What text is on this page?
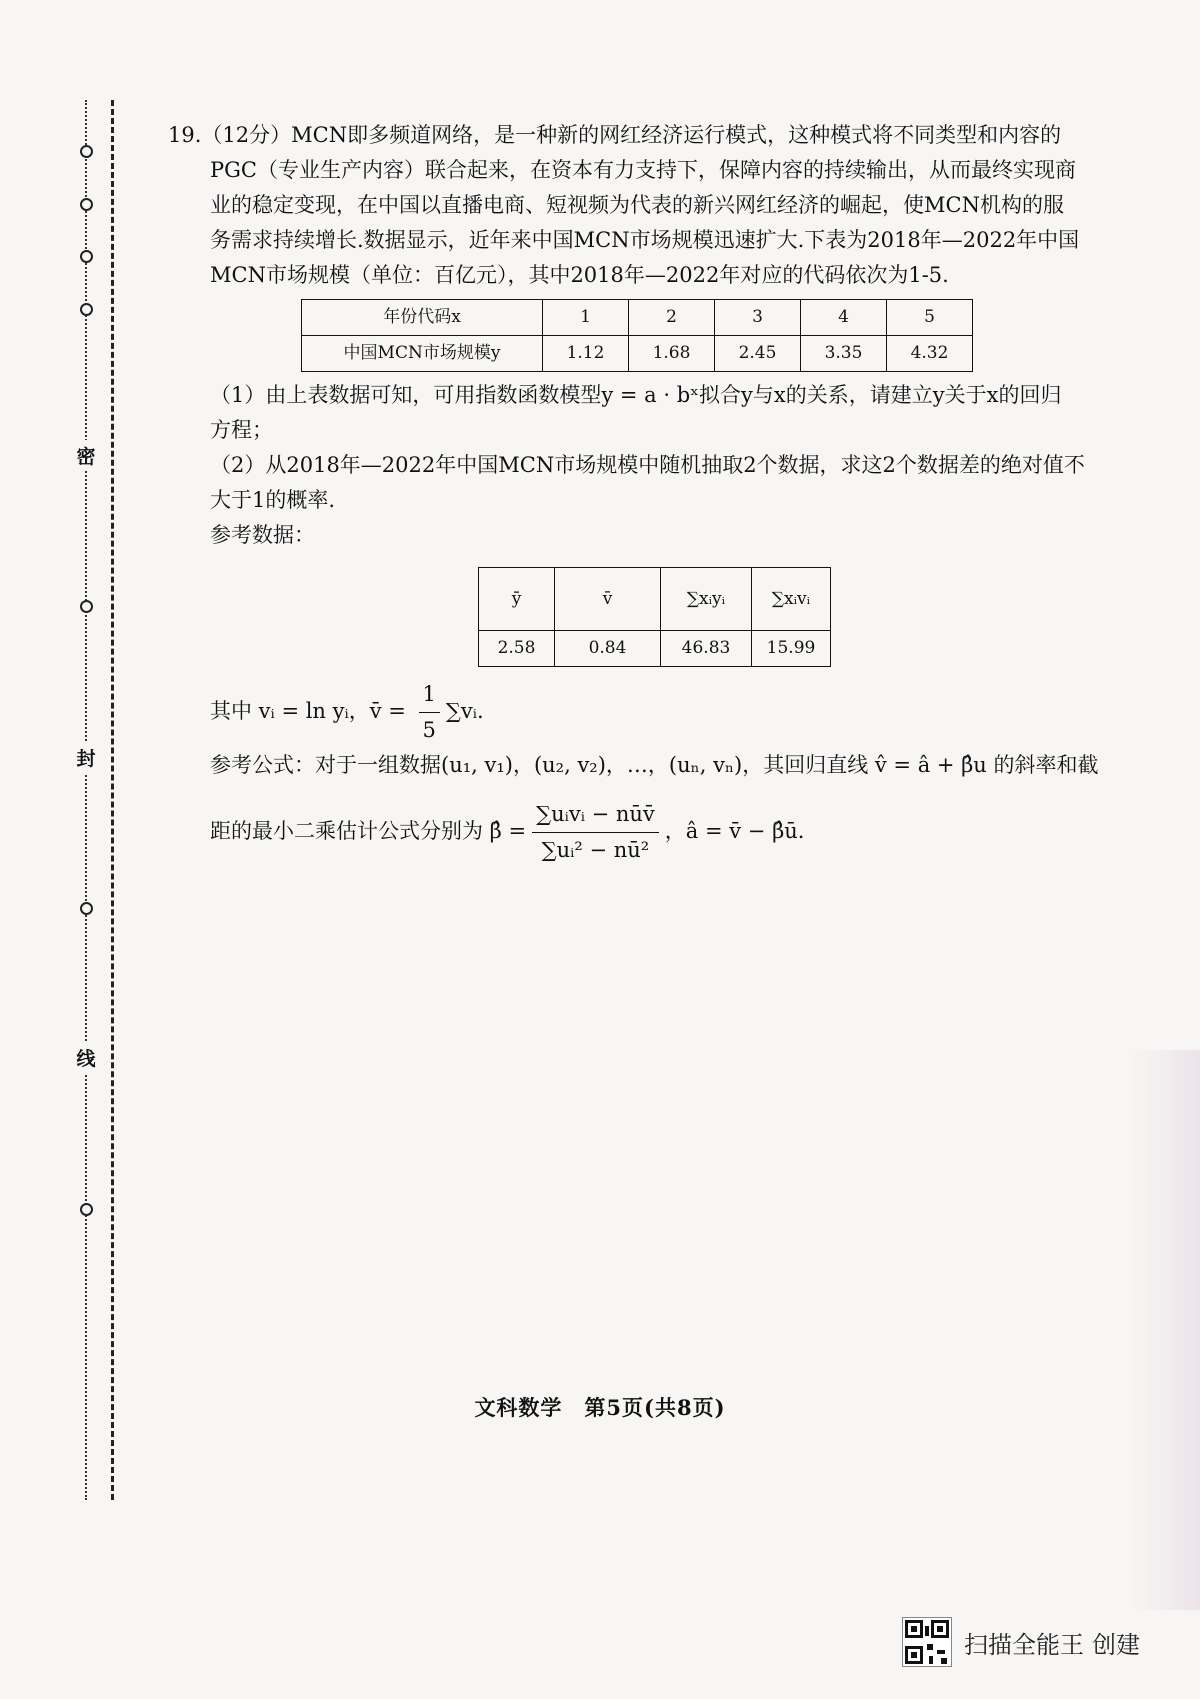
密
封
线

19.（12分）MCN即多频道网络，是一种新的网红经济运行模式，这种模式将不同类型和内容的

PGC（专业生产内容）联合起来，在资本有力支持下，保障内容的持续输出，从而最终实现商

业的稳定变现，在中国以直播电商、短视频为代表的新兴网红经济的崛起，使MCN机构的服

务需求持续增长.数据显示，近年来中国MCN市场规模迅速扩大.下表为2018年—2022年中国

MCN市场规模（单位：百亿元），其中2018年—2022年对应的代码依次为1-5.

年份代码x	1	2	3	4	5
中国MCN市场规模y	1.12	1.68	2.45	3.35	4.32

（1）由上表数据可知，可用指数函数模型y = a · bˣ拟合y与x的关系，请建立y关于x的回归

方程；

（2）从2018年—2022年中国MCN市场规模中随机抽取2个数据，求这2个数据差的绝对值不

大于1的概率.

参考数据：

ȳ	v̄	∑xᵢyᵢ	∑xᵢvᵢ
2.58	0.84	46.83	15.99

其中 vᵢ = ln yᵢ，v̄ = $\frac{1}{5}$ ∑vᵢ.

参考公式：对于一组数据(u₁, v₁)，(u₂, v₂)，…，(uₙ, vₙ)，其回归直线 v̂ = â + β̂u 的斜率和截

距的最小二乘估计公式分别为 β̂ = $\frac{\text{∑uᵢvᵢ − nūv̄}}{\text{∑uᵢ² − nū²}}$ ，â = v̄ − β̂ū.

文科数学　第5页(共8页)
扫描全能王 创建
